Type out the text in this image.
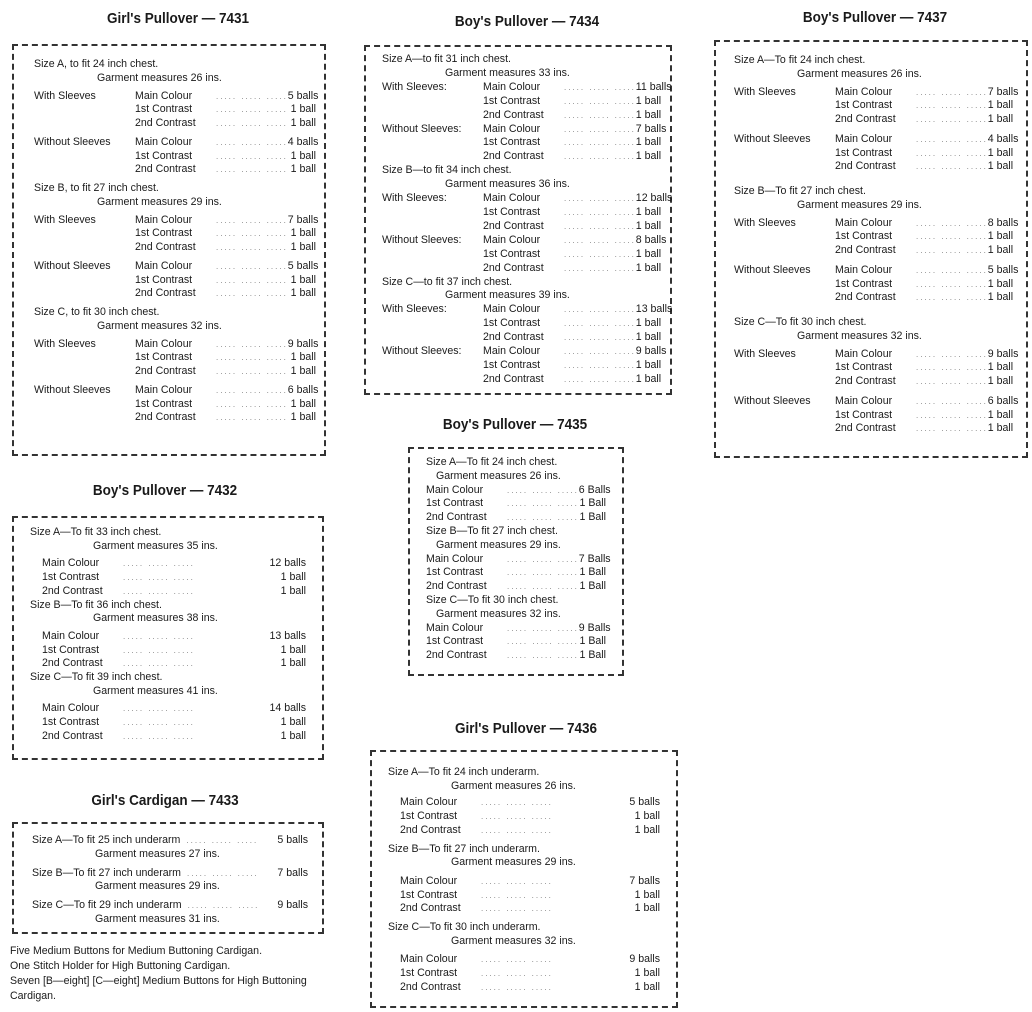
Girl's Pullover — 7431	Boy's Pullover — 7434	Boy's Pullover — 7437
Boy's Pullover — 7435
Boy's Pullover — 7432
Girl's Pullover — 7436
Girl's Cardigan — 7433
Size A, to fit 24 inch chest.
Garment measures 26 ins.
With Sleeves	Main Colour	..... ..... ..... 5 balls
1st Contrast	..... ..... ..... 1 ball
2nd Contrast	..... ..... ..... 1 ball
Without Sleeves	Main Colour	..... ..... ..... 4 balls
1st Contrast	..... ..... ..... 1 ball
2nd Contrast	..... ..... ..... 1 ball
Size B, to fit 27 inch chest.
Garment measures 29 ins.
With Sleeves	Main Colour	..... ..... ..... 7 balls
1st Contrast	..... ..... ..... 1 ball
2nd Contrast	..... ..... ..... 1 ball
Without Sleeves	Main Colour	..... ..... ..... 5 balls
1st Contrast	..... ..... ..... 1 ball
2nd Contrast	..... ..... ..... 1 ball
Size C, to fit 30 inch chest.
Garment measures 32 ins.
With Sleeves	Main Colour	..... ..... ..... 9 balls
1st Contrast	..... ..... ..... 1 ball
2nd Contrast	..... ..... ..... 1 ball
Without Sleeves	Main Colour	..... ..... ..... 6 balls
1st Contrast	..... ..... ..... 1 ball
2nd Contrast	..... ..... ..... 1 ball
Size A—to fit 31 inch chest.
Garment measures 33 ins.
With Sleeves:	Main Colour	..... ..... ..... 11 balls
1st Contrast	..... ..... ..... 1 ball
2nd Contrast	..... ..... ..... 1 ball
Without Sleeves:	Main Colour	..... ..... ..... 7 balls
1st Contrast	..... ..... ..... 1 ball
2nd Contrast	..... ..... ..... 1 ball
Size B—to fit 34 inch chest.
Garment measures 36 ins.
With Sleeves:	Main Colour	..... ..... ..... 12 balls
1st Contrast	..... ..... ..... 1 ball
2nd Contrast	..... ..... ..... 1 ball
Without Sleeves:	Main Colour	..... ..... ..... 8 balls
1st Contrast	..... ..... ..... 1 ball
2nd Contrast	..... ..... ..... 1 ball
Size C—to fit 37 inch chest.
Garment measures 39 ins.
With Sleeves:	Main Colour	..... ..... ..... 13 balls
1st Contrast	..... ..... ..... 1 ball
2nd Contrast	..... ..... ..... 1 ball
Without Sleeves:	Main Colour	..... ..... ..... 9 balls
1st Contrast	..... ..... ..... 1 ball
2nd Contrast	..... ..... ..... 1 ball
Size A—To fit 24 inch chest.
Garment measures 26 ins.
With Sleeves	Main Colour	..... ..... ..... 7 balls
1st Contrast	..... ..... ..... 1 ball
2nd Contrast	..... ..... ..... 1 ball
Without Sleeves	Main Colour	..... ..... ..... 4 balls
1st Contrast	..... ..... ..... 1 ball
2nd Contrast	..... ..... ..... 1 ball
Size B—To fit 27 inch chest.
Garment measures 29 ins.
With Sleeves	Main Colour	..... ..... ..... 8 balls
1st Contrast	..... ..... ..... 1 ball
2nd Contrast	..... ..... ..... 1 ball
Without Sleeves	Main Colour	..... ..... ..... 5 balls
1st Contrast	..... ..... ..... 1 ball
2nd Contrast	..... ..... ..... 1 ball
Size C—To fit 30 inch chest.
Garment measures 32 ins.
With Sleeves	Main Colour	..... ..... ..... 9 balls
1st Contrast	..... ..... ..... 1 ball
2nd Contrast	..... ..... ..... 1 ball
Without Sleeves	Main Colour	..... ..... ..... 6 balls
1st Contrast	..... ..... ..... 1 ball
2nd Contrast	..... ..... ..... 1 ball
Size A—To fit 24 inch chest.
Garment measures 26 ins.
Main Colour	..... ..... ..... 6 Balls
1st Contrast	..... ..... ..... 1 Ball
2nd Contrast	..... ..... ..... 1 Ball
Size B—To fit 27 inch chest.
Garment measures 29 ins.
Main Colour	..... ..... ..... 7 Balls
1st Contrast	..... ..... ..... 1 Ball
2nd Contrast	..... ..... ..... 1 Ball
Size C—To fit 30 inch chest.
Garment measures 32 ins.
Main Colour	..... ..... ..... 9 Balls
1st Contrast	..... ..... ..... 1 Ball
2nd Contrast	..... ..... ..... 1 Ball
Size A—To fit 33 inch chest.
Garment measures 35 ins.
Main Colour	..... ..... .....	12 balls
1st Contrast	..... ..... .....	1 ball
2nd Contrast	..... ..... .....	1 ball
Size B—To fit 36 inch chest.
Garment measures 38 ins.
Main Colour	..... ..... .....	13 balls
1st Contrast	..... ..... .....	1 ball
2nd Contrast	..... ..... .....	1 ball
Size C—To fit 39 inch chest.
Garment measures 41 ins.
Main Colour	..... ..... .....	14 balls
1st Contrast	..... ..... .....	1 ball
2nd Contrast	..... ..... .....	1 ball
Size A—To fit 24 inch underarm.
Garment measures 26 ins.
Main Colour	..... ..... .....	5 balls
1st Contrast	..... ..... .....	1 ball
2nd Contrast	..... ..... .....	1 ball
Size B—To fit 27 inch underarm.
Garment measures 29 ins.
Main Colour	..... ..... .....	7 balls
1st Contrast	..... ..... .....	1 ball
2nd Contrast	..... ..... .....	1 ball
Size C—To fit 30 inch underarm.
Garment measures 32 ins.
Main Colour	..... ..... .....	9 balls
1st Contrast	..... ..... .....	1 ball
2nd Contrast	..... ..... .....	1 ball
Size A—To fit 25 inch underarm ..... ..... .....	5 balls
Garment measures 27 ins.
Size B—To fit 27 inch underarm ..... ..... .....	7 balls
Garment measures 29 ins.
Size C—To fit 29 inch underarm ..... ..... .....	9 balls
Garment measures 31 ins.
Five Medium Buttons for Medium Buttoning Cardigan.
One Stitch Holder for High Buttoning Cardigan.
Seven [B—eight] [C—eight] Medium Buttons for High Buttoning Cardigan.
